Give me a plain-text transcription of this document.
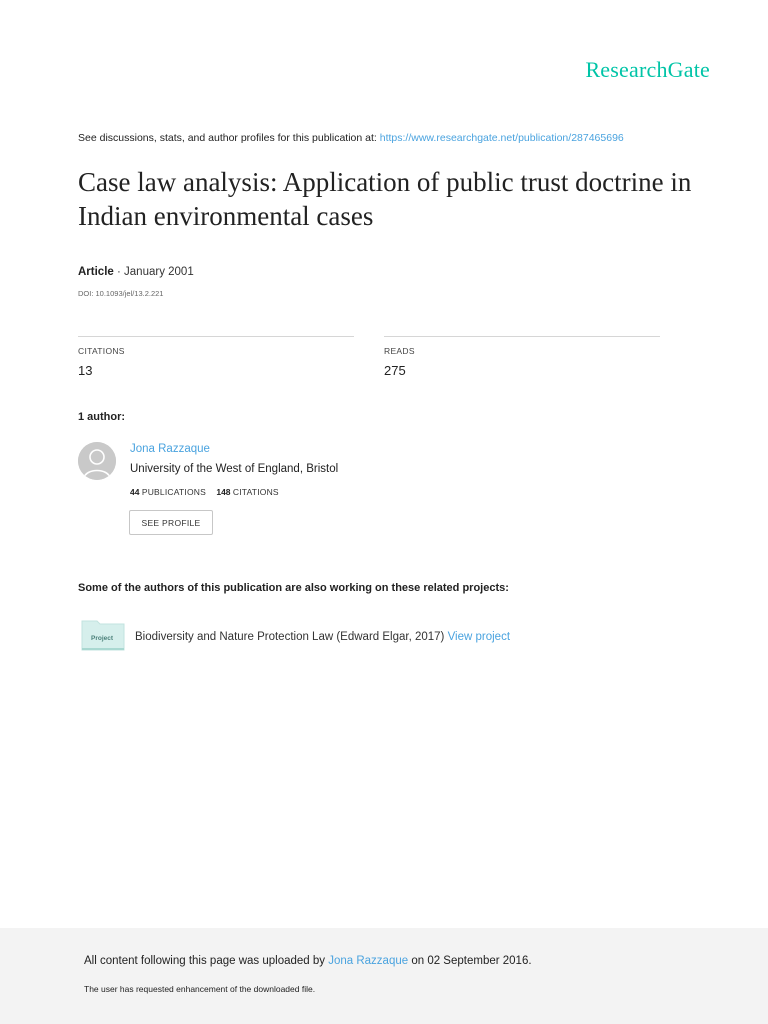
ResearchGate
See discussions, stats, and author profiles for this publication at: https://www.researchgate.net/publication/287465696
Case law analysis: Application of public trust doctrine in Indian environmental cases
Article · January 2001
DOI: 10.1093/jel/13.2.221
CITATIONS
13
READS
275
1 author:
Jona Razzaque
University of the West of England, Bristol
44 PUBLICATIONS 148 CITATIONS
SEE PROFILE
Some of the authors of this publication are also working on these related projects:
Project Biodiversity and Nature Protection Law (Edward Elgar, 2017) View project
All content following this page was uploaded by Jona Razzaque on 02 September 2016.
The user has requested enhancement of the downloaded file.
